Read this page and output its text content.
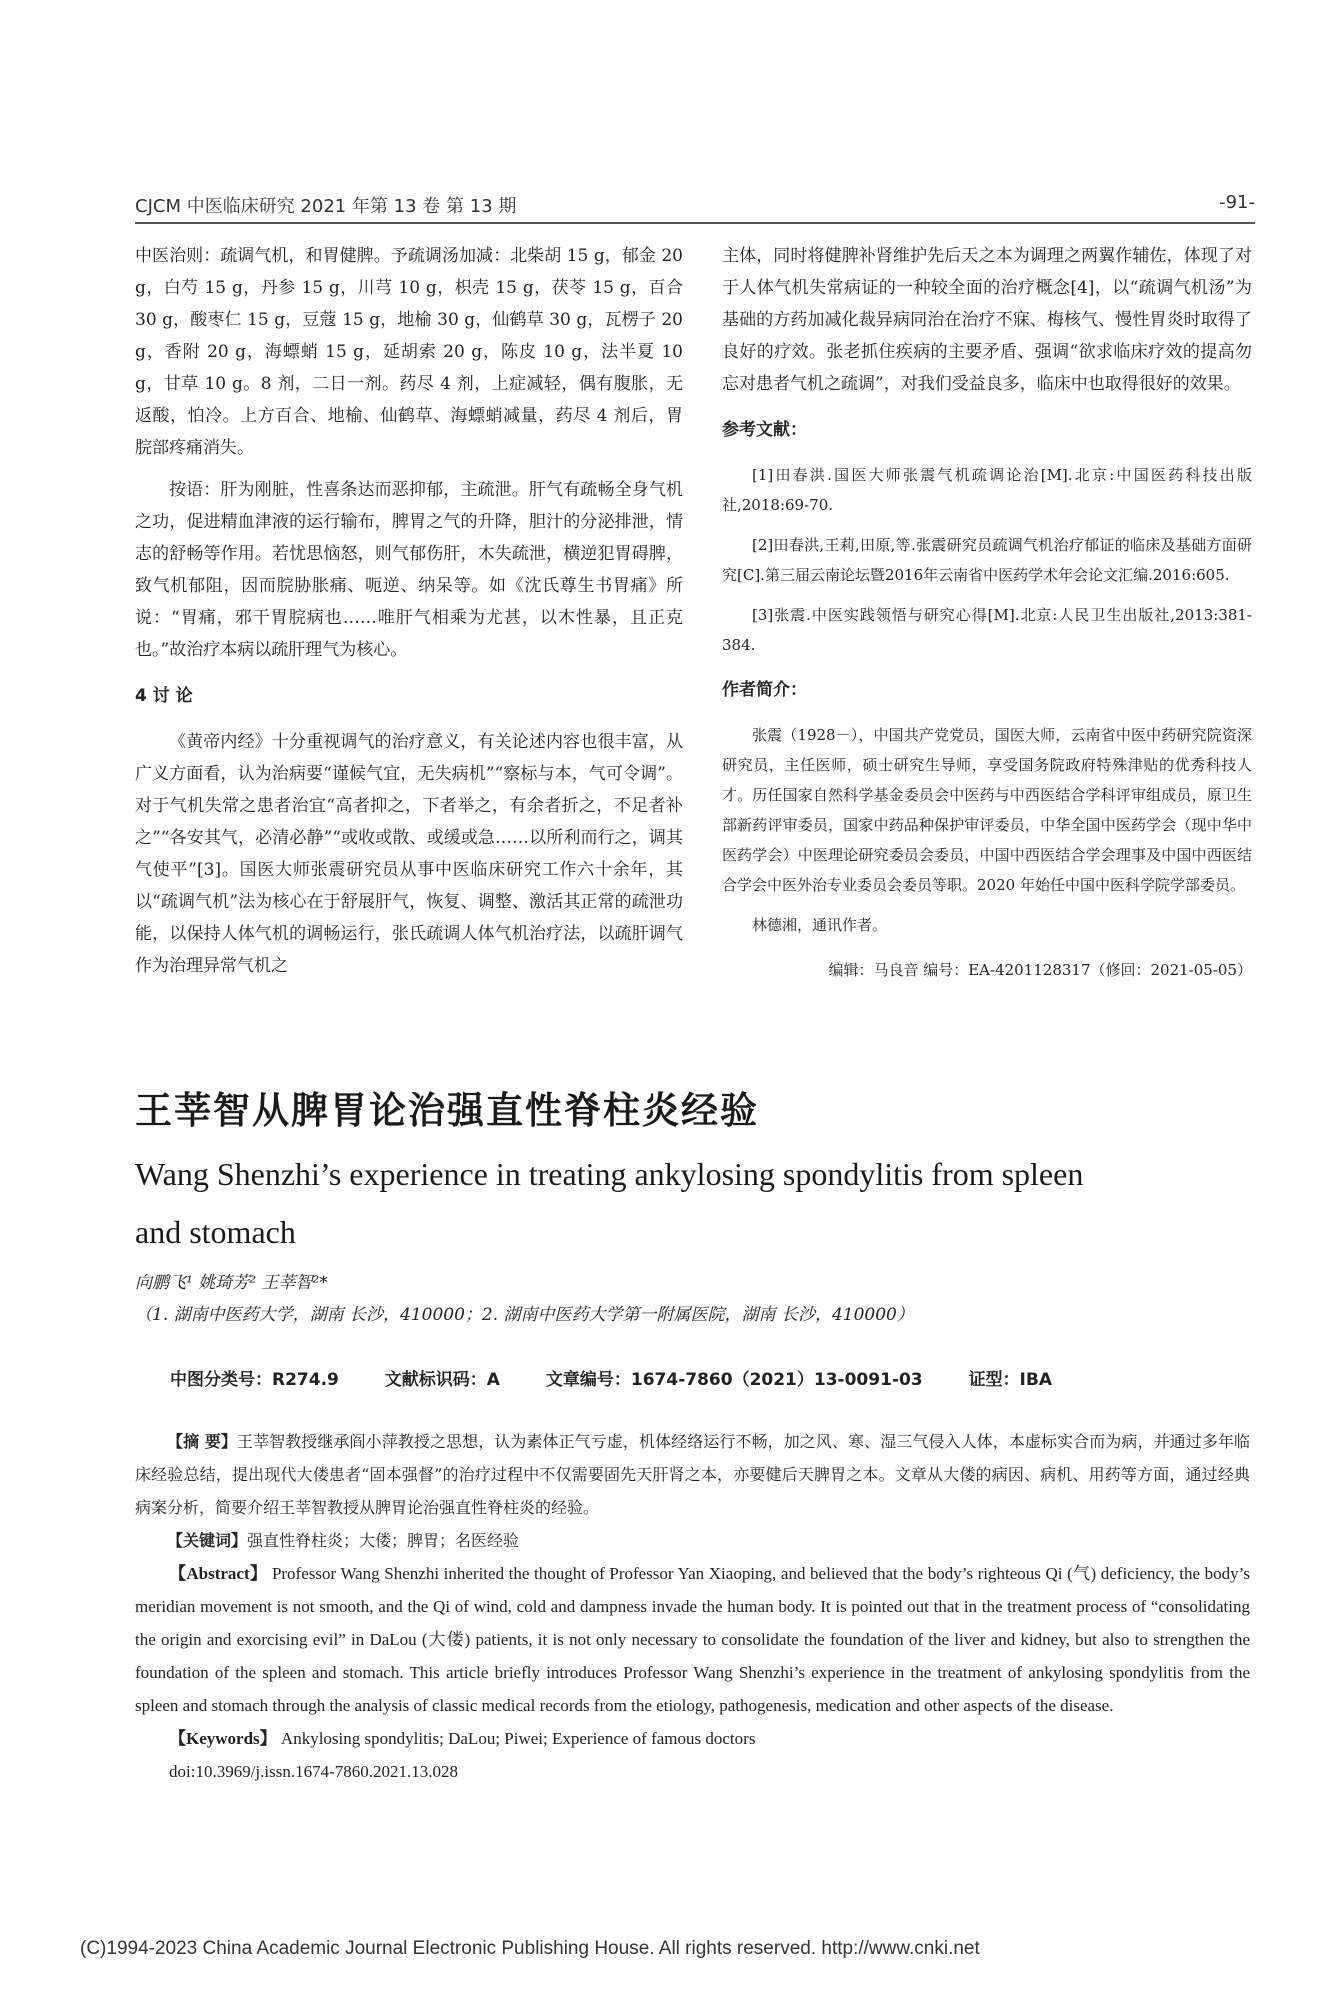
CJCM 中医临床研究 2021 年第 13 卷 第 13 期	-91-

中医治则：疏调气机，和胃健脾。予疏调汤加减：北柴胡 15 g，郁金 20 g，白芍 15 g，丹参 15 g，川芎 10 g，枳壳 15 g，茯苓 15 g，百合 30 g，酸枣仁 15 g，豆蔻 15 g，地榆 30 g，仙鹤草 30 g，瓦楞子 20 g，香附 20 g，海螵蛸 15 g，延胡索 20 g，陈皮 10 g，法半夏 10 g，甘草 10 g。8 剂，二日一剂。药尽 4 剂，上症减轻，偶有腹胀，无返酸，怕冷。上方百合、地榆、仙鹤草、海螵蛸减量，药尽 4 剂后，胃脘部疼痛消失。

按语：肝为刚脏，性喜条达而恶抑郁，主疏泄。肝气有疏畅全身气机之功，促进精血津液的运行输布，脾胃之气的升降，胆汁的分泌排泄，情志的舒畅等作用。若忧思恼怒，则气郁伤肝，木失疏泄，横逆犯胃碍脾，致气机郁阻，因而脘胁胀痛、呃逆、纳呆等。如《沈氏尊生书胃痛》所说：“胃痛，邪干胃脘病也……唯肝气相乘为尤甚，以木性暴，且正克也。”故治疗本病以疏肝理气为核心。

4 讨 论

《黄帝内经》十分重视调气的治疗意义，有关论述内容也很丰富，从广义方面看，认为治病要“谨候气宜，无失病机”“察标与本，气可令调”。对于气机失常之患者治宜“高者抑之，下者举之，有余者折之，不足者补之”“各安其气，必清必静”“或收或散、或缓或急……以所利而行之，调其气使平”[3]。国医大师张震研究员从事中医临床研究工作六十余年，其以“疏调气机”法为核心在于舒展肝气，恢复、调整、激活其正常的疏泄功能，以保持人体气机的调畅运行，张氏疏调人体气机治疗法，以疏肝调气作为治理异常气机之

主体，同时将健脾补肾维护先后天之本为调理之两翼作辅佐，体现了对于人体气机失常病证的一种较全面的治疗概念[4]，以“疏调气机汤”为基础的方药加减化裁异病同治在治疗不寐、梅核气、慢性胃炎时取得了良好的疗效。张老抓住疾病的主要矛盾、强调“欲求临床疗效的提高勿忘对患者气机之疏调”，对我们受益良多，临床中也取得很好的效果。

参考文献：

[1]田春洪.国医大师张震气机疏调论治[M].北京:中国医药科技出版社,2018:69-70.

[2]田春洪,王莉,田原,等.张震研究员疏调气机治疗郁证的临床及基础方面研究[C].第三届云南论坛暨2016年云南省中医药学术年会论文汇编.2016:605.

[3]张震.中医实践领悟与研究心得[M].北京:人民卫生出版社,2013:381-384.

作者简介：

张震（1928－），中国共产党党员，国医大师，云南省中医中药研究院资深研究员，主任医师，硕士研究生导师，享受国务院政府特殊津贴的优秀科技人才。历任国家自然科学基金委员会中医药与中西医结合学科评审组成员，原卫生部新药评审委员，国家中药品种保护审评委员，中华全国中医药学会（现中华中医药学会）中医理论研究委员会委员，中国中西医结合学会理事及中国中西医结合学会中医外治专业委员会委员等职。2020 年始任中国中医科学院学部委员。

林德湘，通讯作者。

编辑：马良音 编号：EA-4201128317（修回：2021-05-05）
王莘智从脾胃论治强直性脊柱炎经验
Wang Shenzhi’s experience in treating ankylosing spondylitis from spleen and stomach
向鹏飞¹ 姚琦芳² 王莘智²*
（1. 湖南中医药大学，湖南 长沙，410000；2. 湖南中医药大学第一附属医院，湖南 长沙，410000）
中图分类号：R274.9	文献标识码：A	文章编号：1674-7860（2021）13-0091-03	证型：IBA

【摘 要】王莘智教授继承阎小萍教授之思想，认为素体正气亏虚，机体经络运行不畅，加之风、寒、湿三气侵入人体，本虚标实合而为病，并通过多年临床经验总结，提出现代大偻患者“固本强督”的治疗过程中不仅需要固先天肝肾之本，亦要健后天脾胃之本。文章从大偻的病因、病机、用药等方面，通过经典病案分析，简要介绍王莘智教授从脾胃论治强直性脊柱炎的经验。

【关键词】强直性脊柱炎；大偻；脾胃；名医经验

【Abstract】 Professor Wang Shenzhi inherited the thought of Professor Yan Xiaoping, and believed that the body’s righteous Qi (气) deficiency, the body’s meridian movement is not smooth, and the Qi of wind, cold and dampness invade the human body. It is pointed out that in the treatment process of “consolidating the origin and exorcising evil” in DaLou (大偻) patients, it is not only necessary to consolidate the foundation of the liver and kidney, but also to strengthen the foundation of the spleen and stomach. This article briefly introduces Professor Wang Shenzhi’s experience in the treatment of ankylosing spondylitis from the spleen and stomach through the analysis of classic medical records from the etiology, pathogenesis, medication and other aspects of the disease.

【Keywords】 Ankylosing spondylitis; DaLou; Piwei; Experience of famous doctors

doi:10.3969/j.issn.1674-7860.2021.13.028

(C)1994-2023 China Academic Journal Electronic Publishing House. All rights reserved. http://www.cnki.net
